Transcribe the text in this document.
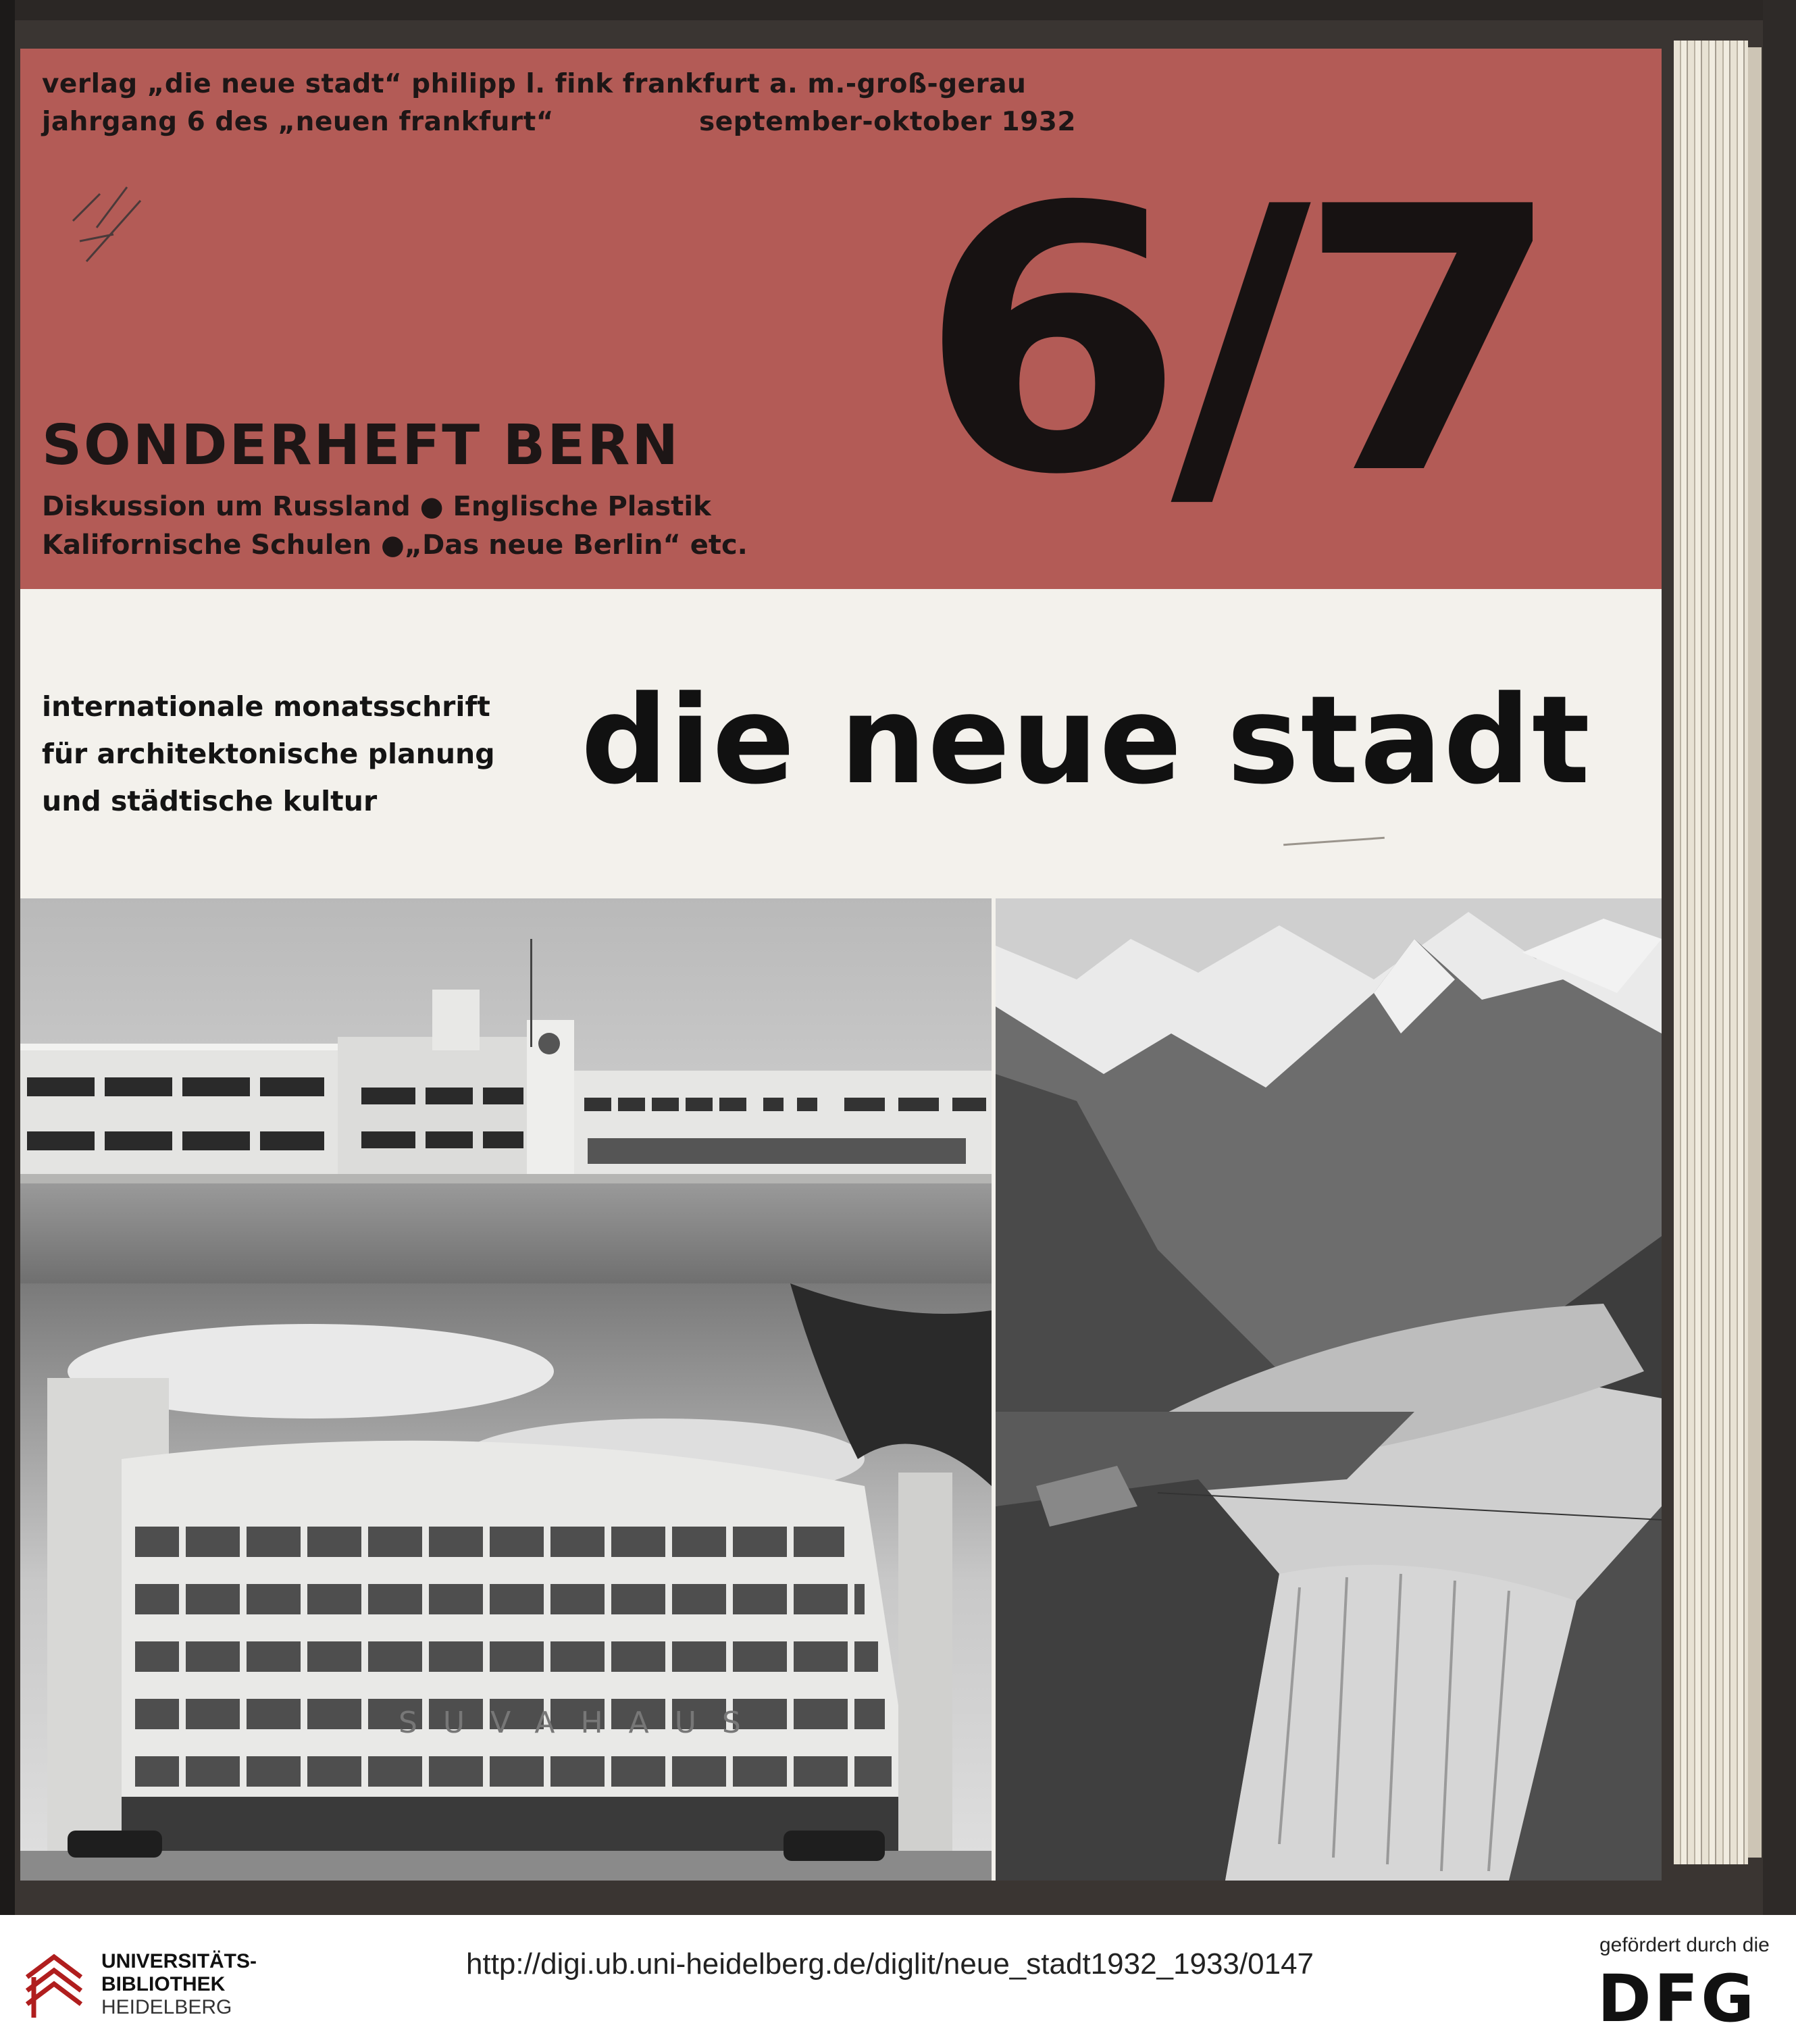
verlag „die neue stadt“ philipp l. fink frankfurt a. m.-groß-gerau
jahrgang 6 des „neuen frankfurt“	september-oktober 1932
6/7
SONDERHEFT BERN
Diskussion um Russland ● Englische Plastik
Kalifornische Schulen ●„Das neue Berlin“ etc.
internationale monatsschrift
für architektonische planung
und städtische kultur die neue stadt
SUVAHAUS
UNIVERSITÄTS-
BIBLIOTHEK
HEIDELBERG
http://digi.ub.uni-heidelberg.de/diglit/neue_stadt1932_1933/0147
gefördert durch die
DFG
